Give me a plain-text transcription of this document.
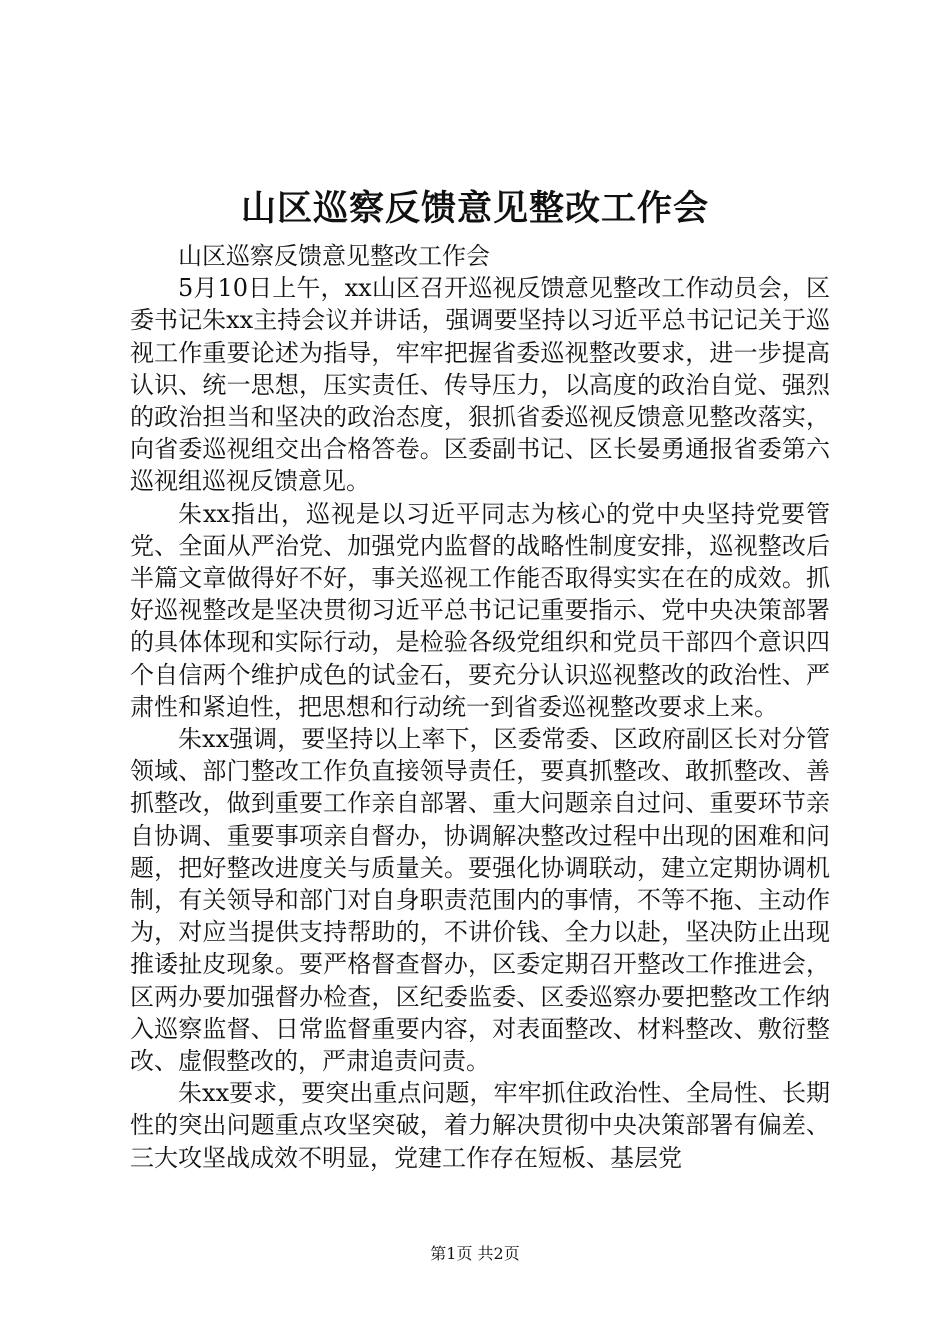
山区巡察反馈意见整改工作会

山区巡察反馈意见整改工作会

5月10日上午，xx山区召开巡视反馈意见整改工作动员会，区委书记朱xx主持会议并讲话，强调要坚持以习近平总书记记关于巡视工作重要论述为指导，牢牢把握省委巡视整改要求，进一步提高认识、统一思想，压实责任、传导压力，以高度的政治自觉、强烈的政治担当和坚决的政治态度，狠抓省委巡视反馈意见整改落实，向省委巡视组交出合格答卷。区委副书记、区长晏勇通报省委第六巡视组巡视反馈意见。

朱xx指出，巡视是以习近平同志为核心的党中央坚持党要管党、全面从严治党、加强党内监督的战略性制度安排，巡视整改后半篇文章做得好不好，事关巡视工作能否取得实实在在的成效。抓好巡视整改是坚决贯彻习近平总书记记重要指示、党中央决策部署的具体体现和实际行动，是检验各级党组织和党员干部四个意识四个自信两个维护成色的试金石，要充分认识巡视整改的政治性、严肃性和紧迫性，把思想和行动统一到省委巡视整改要求上来。

朱xx强调，要坚持以上率下，区委常委、区政府副区长对分管领域、部门整改工作负直接领导责任，要真抓整改、敢抓整改、善抓整改，做到重要工作亲自部署、重大问题亲自过问、重要环节亲自协调、重要事项亲自督办，协调解决整改过程中出现的困难和问题，把好整改进度关与质量关。要强化协调联动，建立定期协调机制，有关领导和部门对自身职责范围内的事情，不等不拖、主动作为，对应当提供支持帮助的，不讲价钱、全力以赴，坚决防止出现推诿扯皮现象。要严格督查督办，区委定期召开整改工作推进会，区两办要加强督办检查，区纪委监委、区委巡察办要把整改工作纳入巡察监督、日常监督重要内容，对表面整改、材料整改、敷衍整改、虚假整改的，严肃追责问责。

朱xx要求，要突出重点问题，牢牢抓住政治性、全局性、长期性的突出问题重点攻坚突破，着力解决贯彻中央决策部署有偏差、三大攻坚战成效不明显，党建工作存在短板、基层党

第1页 共2页
